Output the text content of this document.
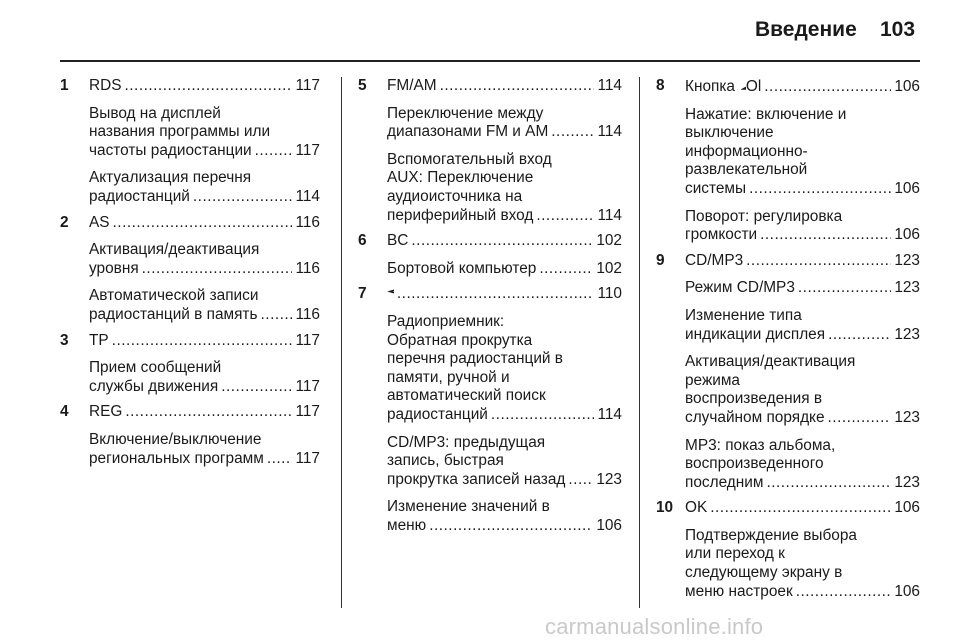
Введение 103
1	RDS .....	117
Вывод на дисплей
названия программы или
частоты радиостанции .....	117
Актуализация перечня
радиостанций .....	114
2	AS .....	116
Активация/деактивация
уровня .....	116
Автоматической записи
радиостанций в память ..... 116
3	TP .....	117
Прием сообщений
службы движения .....	117
4	REG .....	117
Включение/выключение
региональных программ ..... 117
5	FM/AM .....	114
Переключение между
диапазонами FM и AM .....	114
Вспомогательный вход
AUX: Переключение
аудиоисточника на
периферийный вход .....	114
6	BC .....	102
Бортовой компьютер .....	102
7 .....	110
Радиоприемник:
Обратная прокрутка
перечня радиостанций в
памяти, ручной и
автоматический поиск
радиостанций .....	114
CD/MP3: предыдущая
запись, быстрая
прокрутка записей назад ..... 123
Изменение значений в
меню .....	106
8	Кнопка Ol .....	106
Нажатие: включение и
выключение
информационно-
развлекательной
системы .....	106
Поворот: регулировка
громкости .....	106
9	CD/MP3 .....	123
Режим CD/MP3 .....	123
Изменение типа
индикации дисплея .....	123
Активация/деактивация
режима
воспроизведения в
случайном порядке .....	123
MP3: показ альбома,
воспроизведенного
последним .....	123
10 OK .....	106
Подтверждение выбора
или переход к
следующему экрану в
меню настроек .....	106
carmanualsonline.info
